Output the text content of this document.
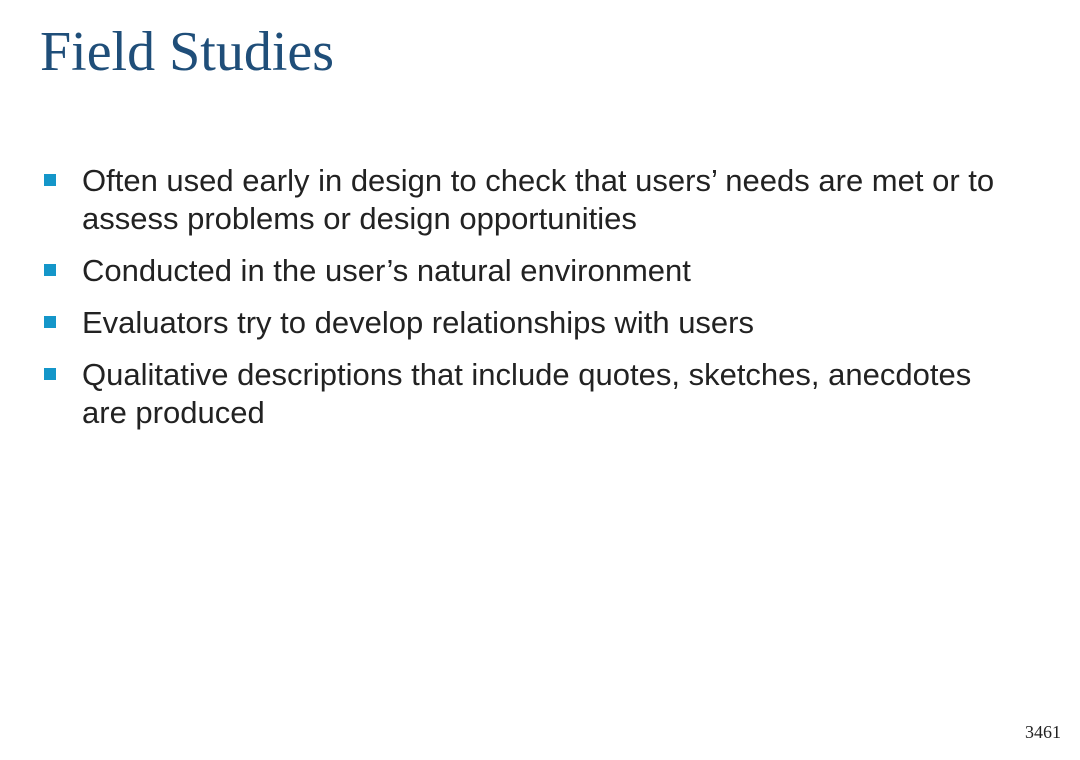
Field Studies
Often used early in design to check that users’ needs are met or to assess problems or design opportunities
Conducted in the user’s natural environment
Evaluators try to develop relationships with users
Qualitative descriptions that include quotes, sketches, anecdotes are produced
3461
